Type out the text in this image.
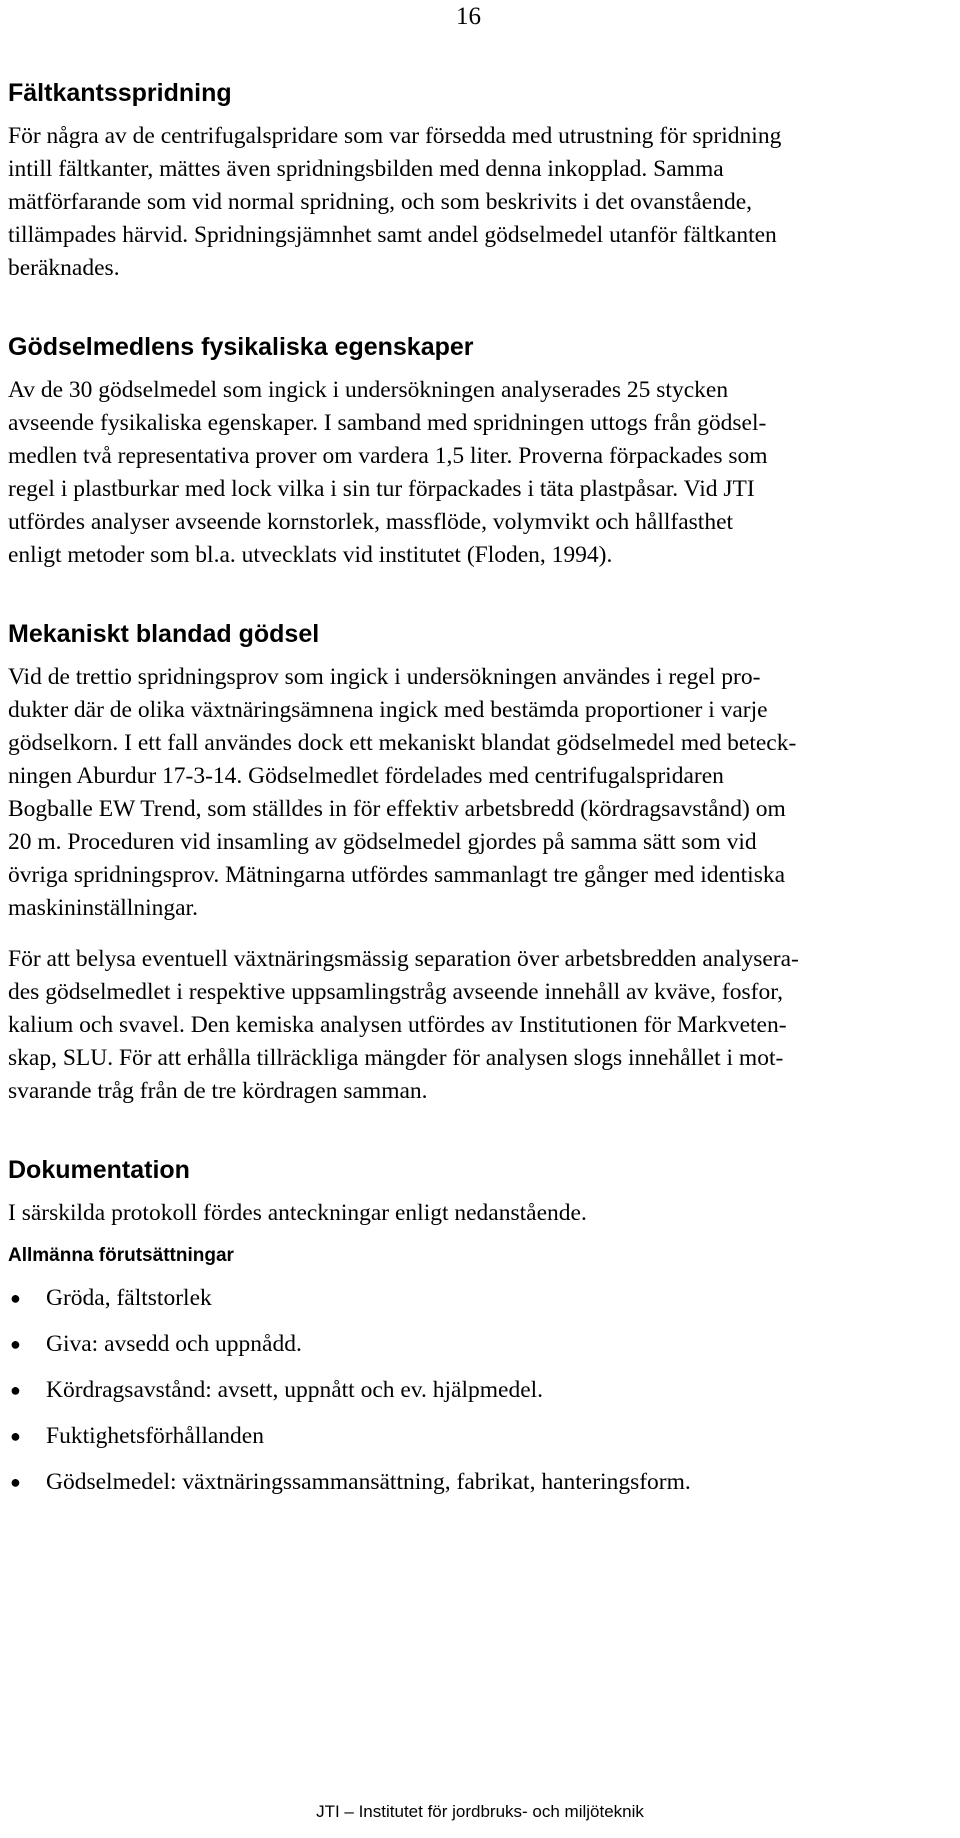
16
Fältkantsspridning

För några av de centrifugalspridare som var försedda med utrustning för spridning
intill fältkanter, mättes även spridningsbilden med denna inkopplad. Samma
mätförfarande som vid normal spridning, och som beskrivits i det ovanstående,
tillämpades härvid. Spridningsjämnhet samt andel gödselmedel utanför fältkanten
beräknades.

Gödselmedlens fysikaliska egenskaper

Av de 30 gödselmedel som ingick i undersökningen analyserades 25 stycken
avseende fysikaliska egenskaper. I samband med spridningen uttogs från gödsel-
medlen två representativa prover om vardera 1,5 liter. Proverna förpackades som
regel i plastburkar med lock vilka i sin tur förpackades i täta plastpåsar. Vid JTI
utfördes analyser avseende kornstorlek, massflöde, volymvikt och hållfasthet
enligt metoder som bl.a. utvecklats vid institutet (Floden, 1994).

Mekaniskt blandad gödsel

Vid de trettio spridningsprov som ingick i undersökningen användes i regel pro-
dukter där de olika växtnäringsämnena ingick med bestämda proportioner i varje
gödselkorn. I ett fall användes dock ett mekaniskt blandat gödselmedel med beteck-
ningen Aburdur 17-3-14. Gödselmedlet fördelades med centrifugalspridaren
Bogballe EW Trend, som ställdes in för effektiv arbetsbredd (kördragsavstånd) om
20 m. Proceduren vid insamling av gödselmedel gjordes på samma sätt som vid
övriga spridningsprov. Mätningarna utfördes sammanlagt tre gånger med identiska
maskininställningar.

För att belysa eventuell växtnäringsmässig separation över arbetsbredden analysera-
des gödselmedlet i respektive uppsamlingstråg avseende innehåll av kväve, fosfor,
kalium och svavel. Den kemiska analysen utfördes av Institutionen för Markveten-
skap, SLU. För att erhålla tillräckliga mängder för analysen slogs innehållet i mot-
svarande tråg från de tre kördragen samman.

Dokumentation

I särskilda protokoll fördes anteckningar enligt nedanstående.

Allmänna förutsättningar
● Gröda, fältstorlek
● Giva: avsedd och uppnådd.
● Kördragsavstånd: avsett, uppnått och ev. hjälpmedel.
● Fuktighetsförhållanden
● Gödselmedel: växtnäringssammansättning, fabrikat, hanteringsform.
JTI – Institutet för jordbruks- och miljöteknik
